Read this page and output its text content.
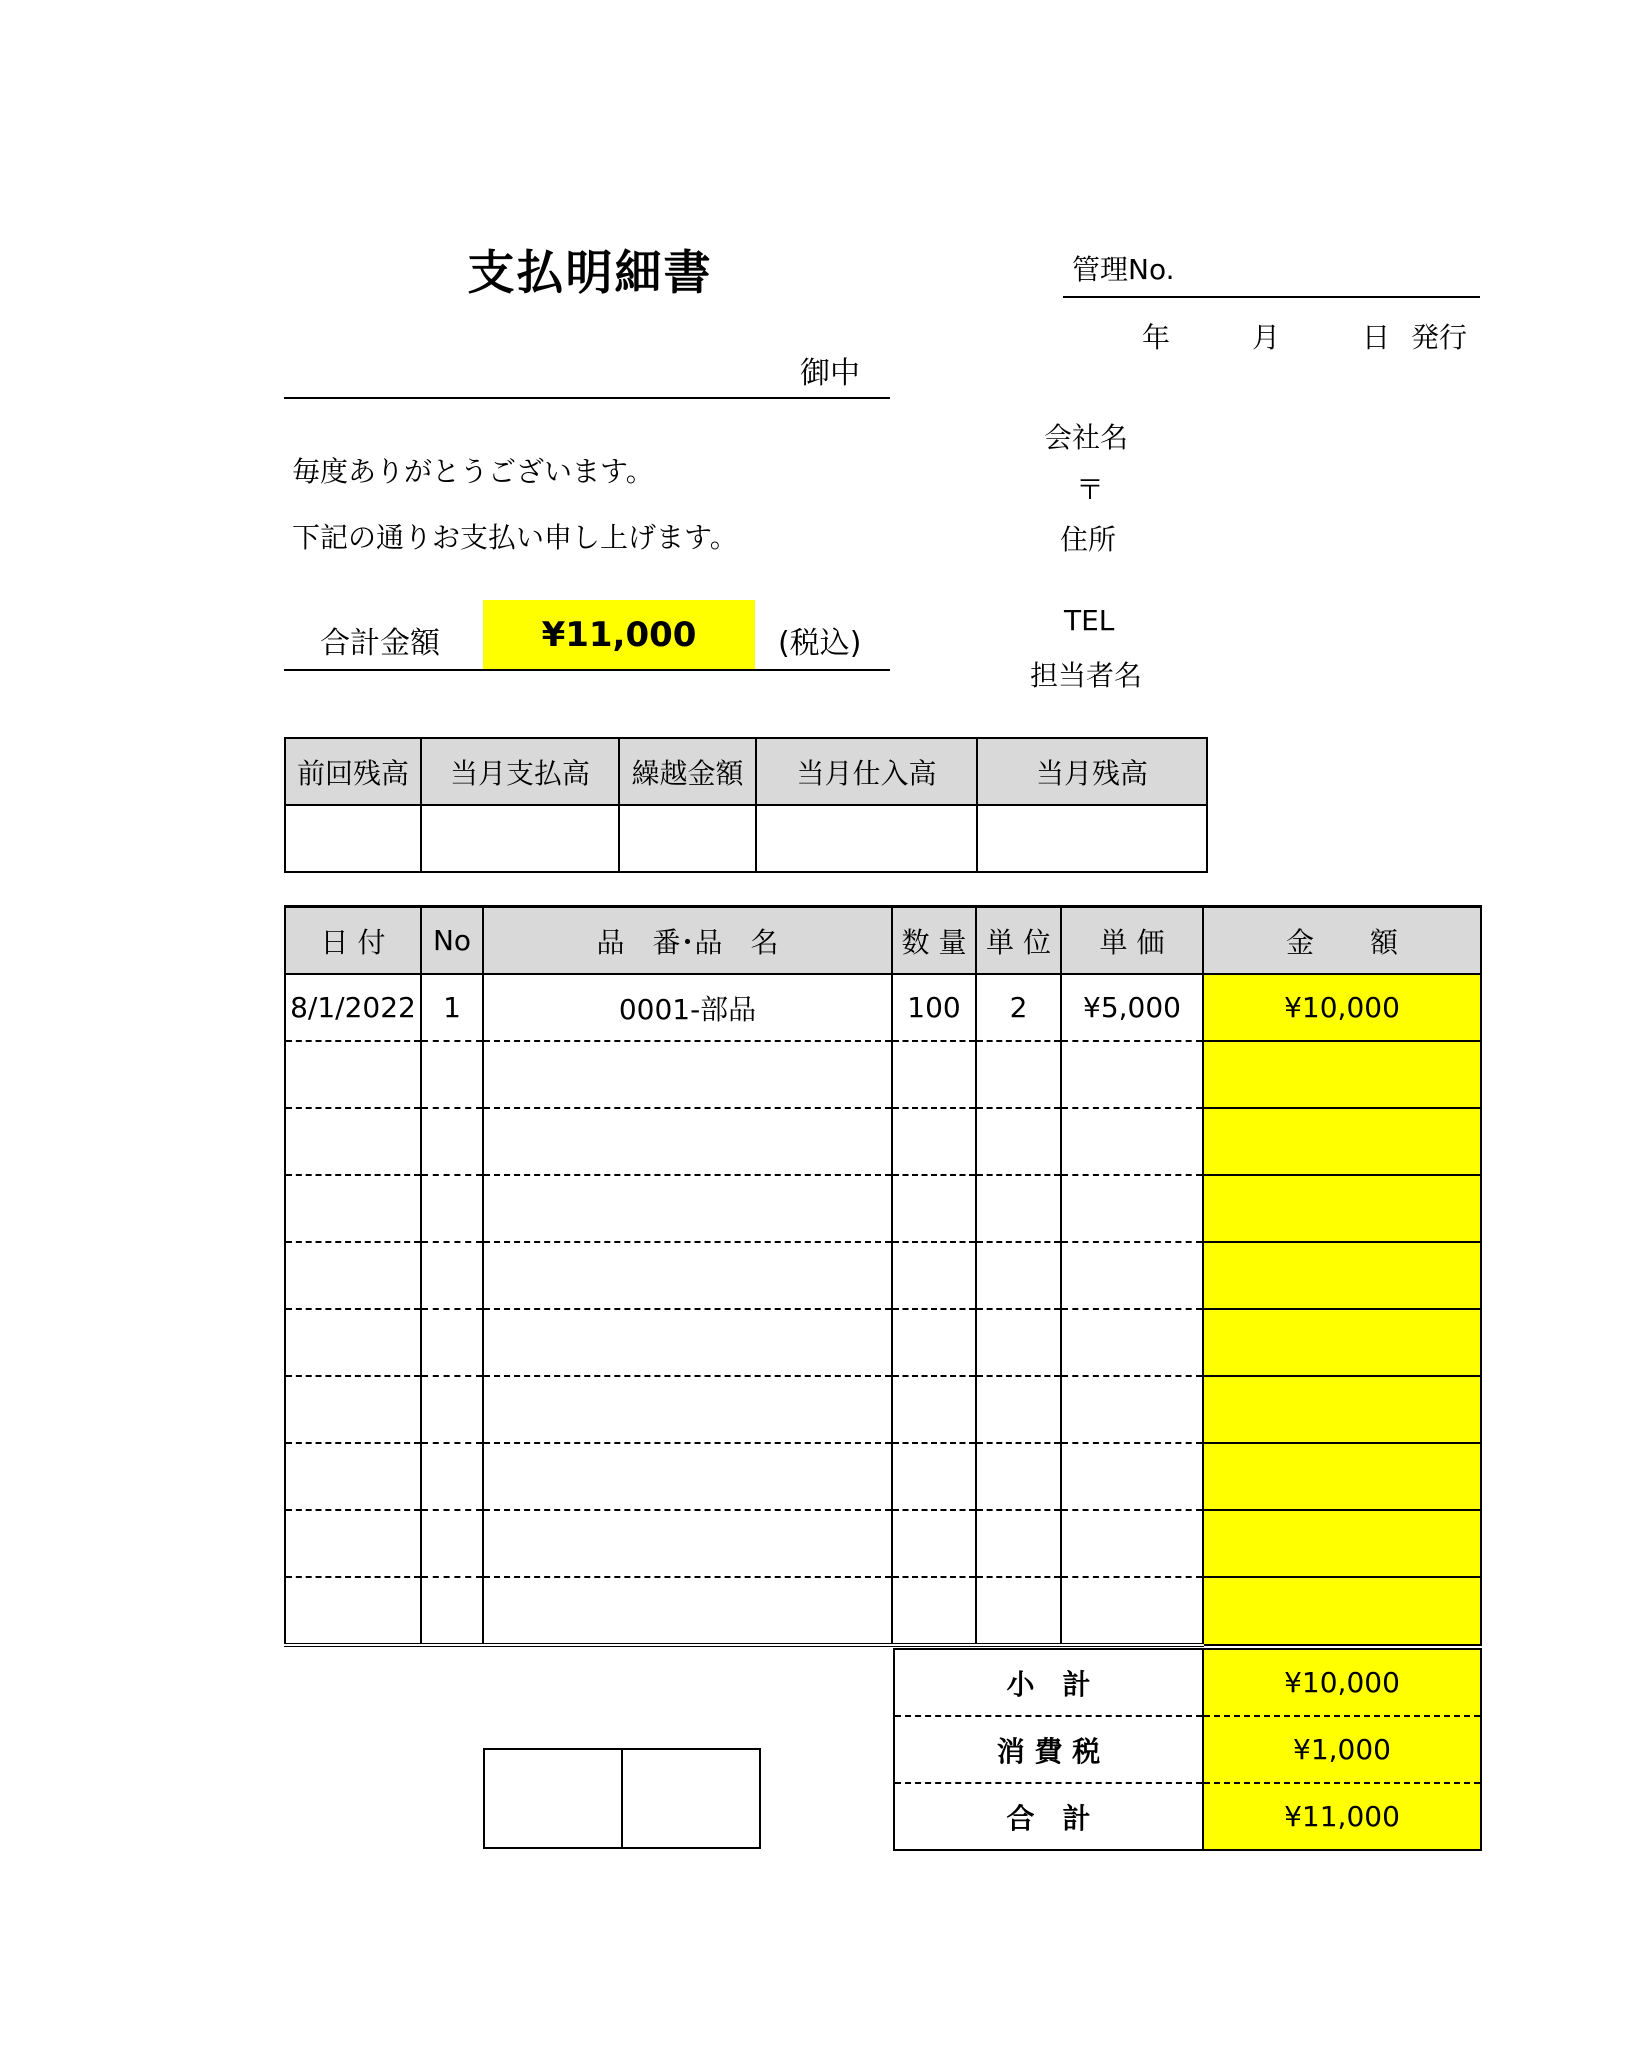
支払明細書	管理No.
年	月	日 発行
御中
毎度ありがとうございます。
下記の通りお支払い申し上げます。
合計金額	¥11,000	(税込)
会社名
〒
住所
TEL
担当者名
前回残高	当月支払高	繰越金額	当月仕入高	当月残高

日 付	No	品　番･品　名	数 量	単 位	単 価	金　　額
8/1/2022	1	0001-部品	100	2	¥5,000	¥10,000

小　計	¥10,000
消 費 税	¥1,000
合　計	¥11,000
